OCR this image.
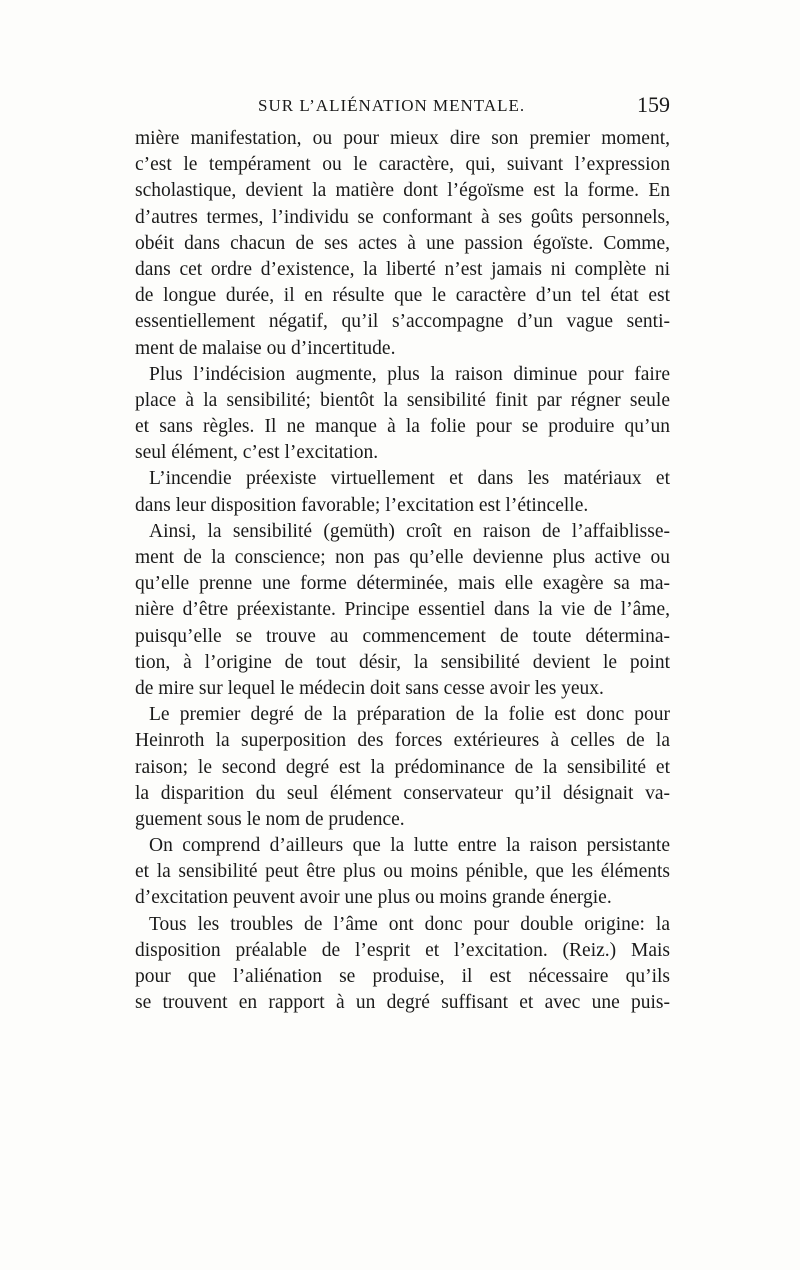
SUR L’ALIÉNATION MENTALE.	159
mière manifestation, ou pour mieux dire son premier moment,
c’est le tempérament ou le caractère, qui, suivant l’expression
scholastique, devient la matière dont l’égoïsme est la forme. En
d’autres termes, l’individu se conformant à ses goûts personnels,
obéit dans chacun de ses actes à une passion égoïste. Comme,
dans cet ordre d’existence, la liberté n’est jamais ni complète ni
de longue durée, il en résulte que le caractère d’un tel état est
essentiellement négatif, qu’il s’accompagne d’un vague senti-
ment de malaise ou d’incertitude.
Plus l’indécision augmente, plus la raison diminue pour faire
place à la sensibilité; bientôt la sensibilité finit par régner seule
et sans règles. Il ne manque à la folie pour se produire qu’un
seul élément, c’est l’excitation.
L’incendie préexiste virtuellement et dans les matériaux et
dans leur disposition favorable; l’excitation est l’étincelle.
Ainsi, la sensibilité (gemüth) croît en raison de l’affaiblisse-
ment de la conscience; non pas qu’elle devienne plus active ou
qu’elle prenne une forme déterminée, mais elle exagère sa ma-
nière d’être préexistante. Principe essentiel dans la vie de l’âme,
puisqu’elle se trouve au commencement de toute détermina-
tion, à l’origine de tout désir, la sensibilité devient le point
de mire sur lequel le médecin doit sans cesse avoir les yeux.
Le premier degré de la préparation de la folie est donc pour
Heinroth la superposition des forces extérieures à celles de la
raison; le second degré est la prédominance de la sensibilité et
la disparition du seul élément conservateur qu’il désignait va-
guement sous le nom de prudence.
On comprend d’ailleurs que la lutte entre la raison persistante
et la sensibilité peut être plus ou moins pénible, que les éléments
d’excitation peuvent avoir une plus ou moins grande énergie.
Tous les troubles de l’âme ont donc pour double origine: la
disposition préalable de l’esprit et l’excitation. (Reiz.) Mais
pour que l’aliénation se produise, il est nécessaire qu’ils
se trouvent en rapport à un degré suffisant et avec une puis-
